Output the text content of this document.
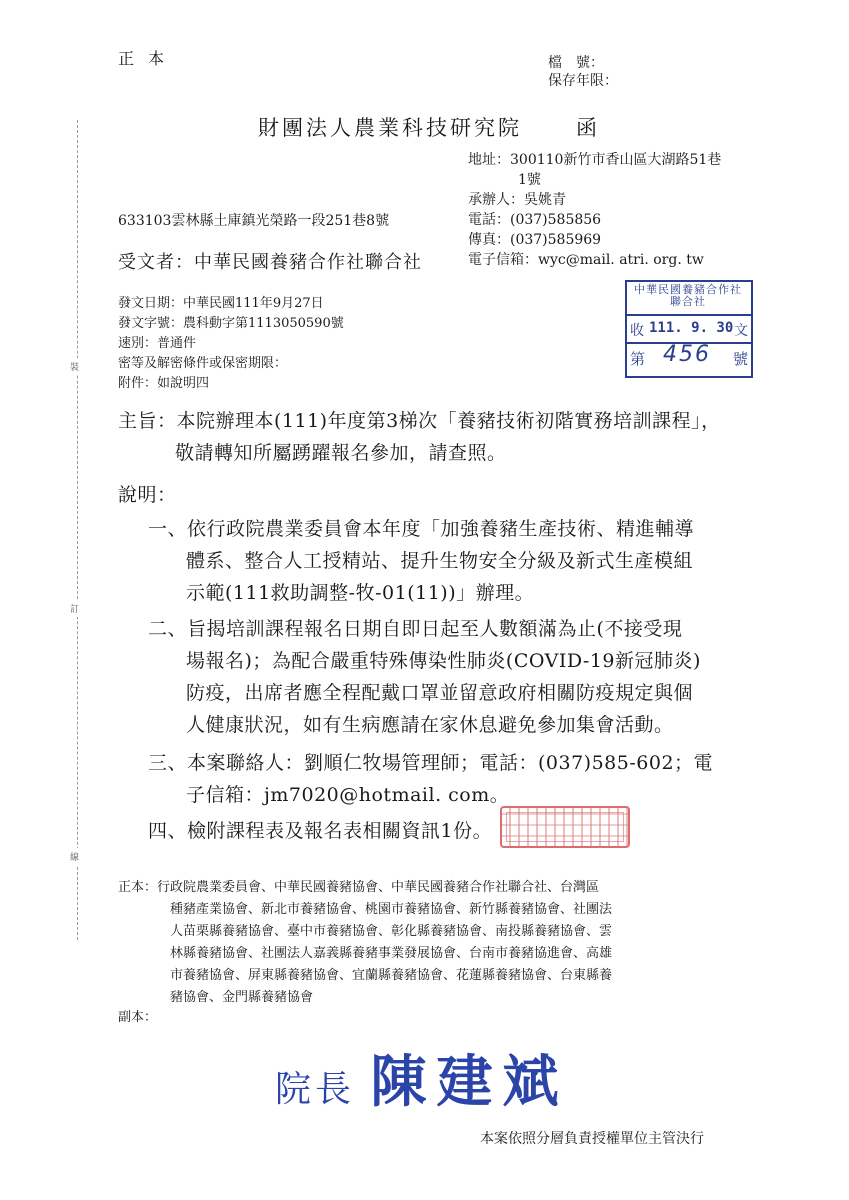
裝
訂
線
正本	檔　號：
保存年限：
財團法人農業科技研究院	函
地址：300110新竹市香山區大湖路51巷
1號
承辦人：吳姚青
電話：(037)585856
傳真：(037)585969
電子信箱：wyc@mail. atri. org. tw
633103雲林縣土庫鎮光榮路一段251巷8號
受文者：中華民國養豬合作社聯合社
發文日期：中華民國111年9月27日
發文字號：農科動字第1113050590號
速別：普通件
密等及解密條件或保密期限：
附件：如說明四
中華民國養豬合作社聯合社
收 111. 9. 30 文
第 456 號
主旨：本院辦理本(111)年度第3梯次「養豬技術初階實務培訓課程」，
敬請轉知所屬踴躍報名參加，請查照。
說明：
一、依行政院農業委員會本年度「加強養豬生產技術、精進輔導
體系、整合人工授精站、提升生物安全分級及新式生產模組
示範(111救助調整-牧-01(11))」辦理。
二、旨揭培訓課程報名日期自即日起至人數額滿為止(不接受現
場報名)；為配合嚴重特殊傳染性肺炎(COVID-19新冠肺炎)
防疫，出席者應全程配戴口罩並留意政府相關防疫規定與個
人健康狀況，如有生病應請在家休息避免參加集會活動。
三、本案聯絡人：劉順仁牧場管理師；電話：(037)585-602；電
子信箱：jm7020@hotmail. com。
四、檢附課程表及報名表相關資訊1份。
正本：行政院農業委員會、中華民國養豬協會、中華民國養豬合作社聯合社、台灣區
種豬產業協會、新北市養豬協會、桃園市養豬協會、新竹縣養豬協會、社團法
人苗栗縣養豬協會、臺中市養豬協會、彰化縣養豬協會、南投縣養豬協會、雲
林縣養豬協會、社團法人嘉義縣養豬事業發展協會、台南市養豬協進會、高雄
市養豬協會、屏東縣養豬協會、宜蘭縣養豬協會、花蓮縣養豬協會、台東縣養
豬協會、金門縣養豬協會
副本：
院長 陳建斌
本案依照分層負責授權單位主管決行
